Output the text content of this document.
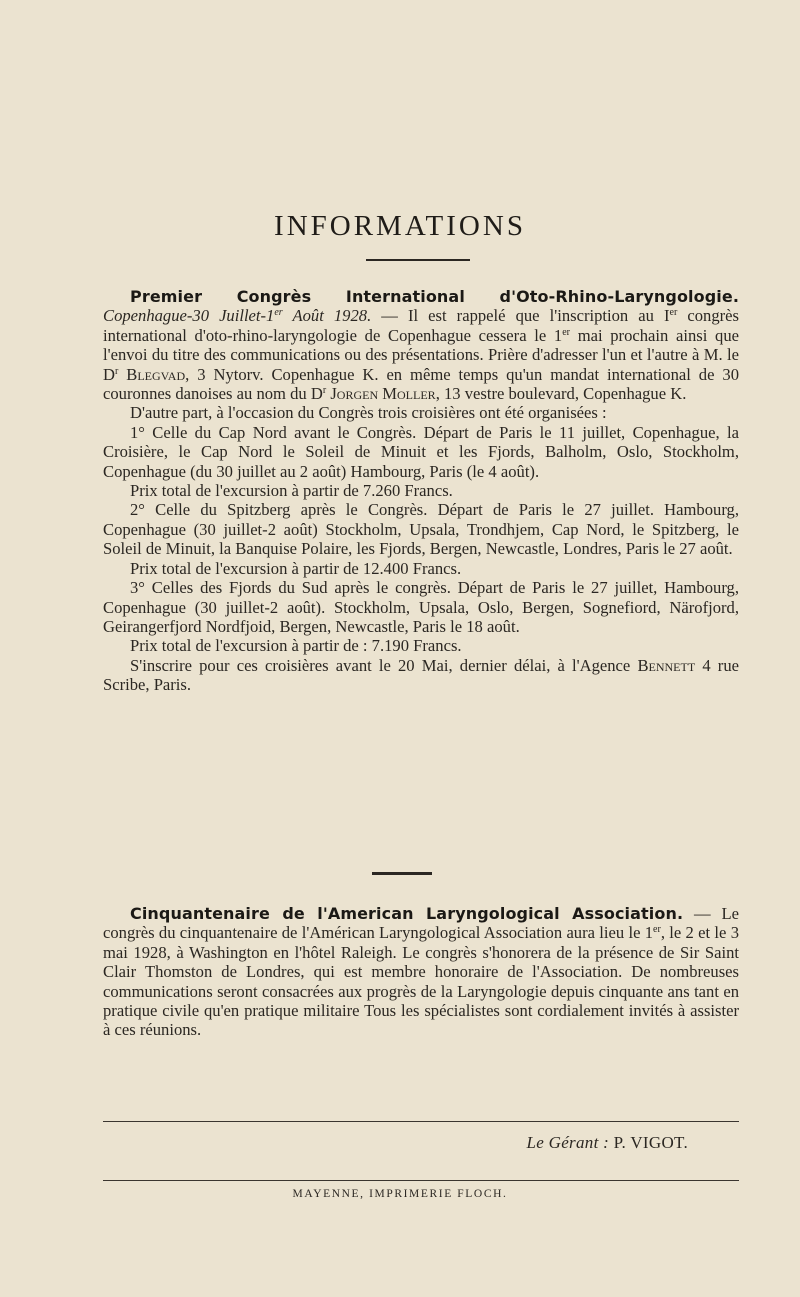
INFORMATIONS

Premier Congrès International d'Oto-Rhino-Laryngologie. Copenhague-30 Juillet-1er Août 1928. — Il est rappelé que l'inscription au Ier congrès international d'oto-rhino-laryngologie de Copenhague cessera le 1er mai prochain ainsi que l'envoi du titre des communications ou des présentations. Prière d'adresser l'un et l'autre à M. le $D^r$ Blegvad, 3 Nytorv. Copenhague K. en même temps qu'un mandat international de 30 couronnes danoises au nom du $D^r$ Jorgen Moller, 13 vestre boulevard, Copenhague K.

D'autre part, à l'occasion du Congrès trois croisières ont été organisées :

1° Celle du Cap Nord avant le Congrès. Départ de Paris le 11 juillet, Copenhague, la Croisière, le Cap Nord le Soleil de Minuit et les Fjords, Balholm, Oslo, Stockholm, Copenhague (du 30 juillet au 2 août) Hambourg, Paris (le 4 août).

Prix total de l'excursion à partir de 7.260 Francs.

2° Celle du Spitzberg après le Congrès. Départ de Paris le 27 juillet. Hambourg, Copenhague (30 juillet-2 août) Stockholm, Upsala, Trondhjem, Cap Nord, le Spitzberg, le Soleil de Minuit, la Banquise Polaire, les Fjords, Bergen, Newcastle, Londres, Paris le 27 août.

Prix total de l'excursion à partir de 12.400 Francs.

3° Celles des Fjords du Sud après le congrès. Départ de Paris le 27 juillet, Hambourg, Copenhague (30 juillet-2 août). Stockholm, Upsala, Oslo, Bergen, Sognefiord, Närofjord, Geirangerfjord Nordfjoid, Bergen, Newcastle, Paris le 18 août.

Prix total de l'excursion à partir de : 7.190 Francs.

S'inscrire pour ces croisières avant le 20 Mai, dernier délai, à l'Agence Bennett 4 rue Scribe, Paris.

Cinquantenaire de l'American Laryngological Association. — Le congrès du cinquantenaire de l'Américan Laryngological Association aura lieu le 1er, le 2 et le 3 mai 1928, à Washington en l'hôtel Raleigh. Le congrès s'honorera de la présence de Sir Saint Clair Thomston de Londres, qui est membre honoraire de l'Association. De nombreuses communications seront consacrées aux progrès de la Laryngologie depuis cinquante ans tant en pratique civile qu'en pratique militaire Tous les spécialistes sont cordialement invités à assister à ces réunions.

Le Gérant : P. VIGOT.
MAYENNE, IMPRIMERIE FLOCH.
